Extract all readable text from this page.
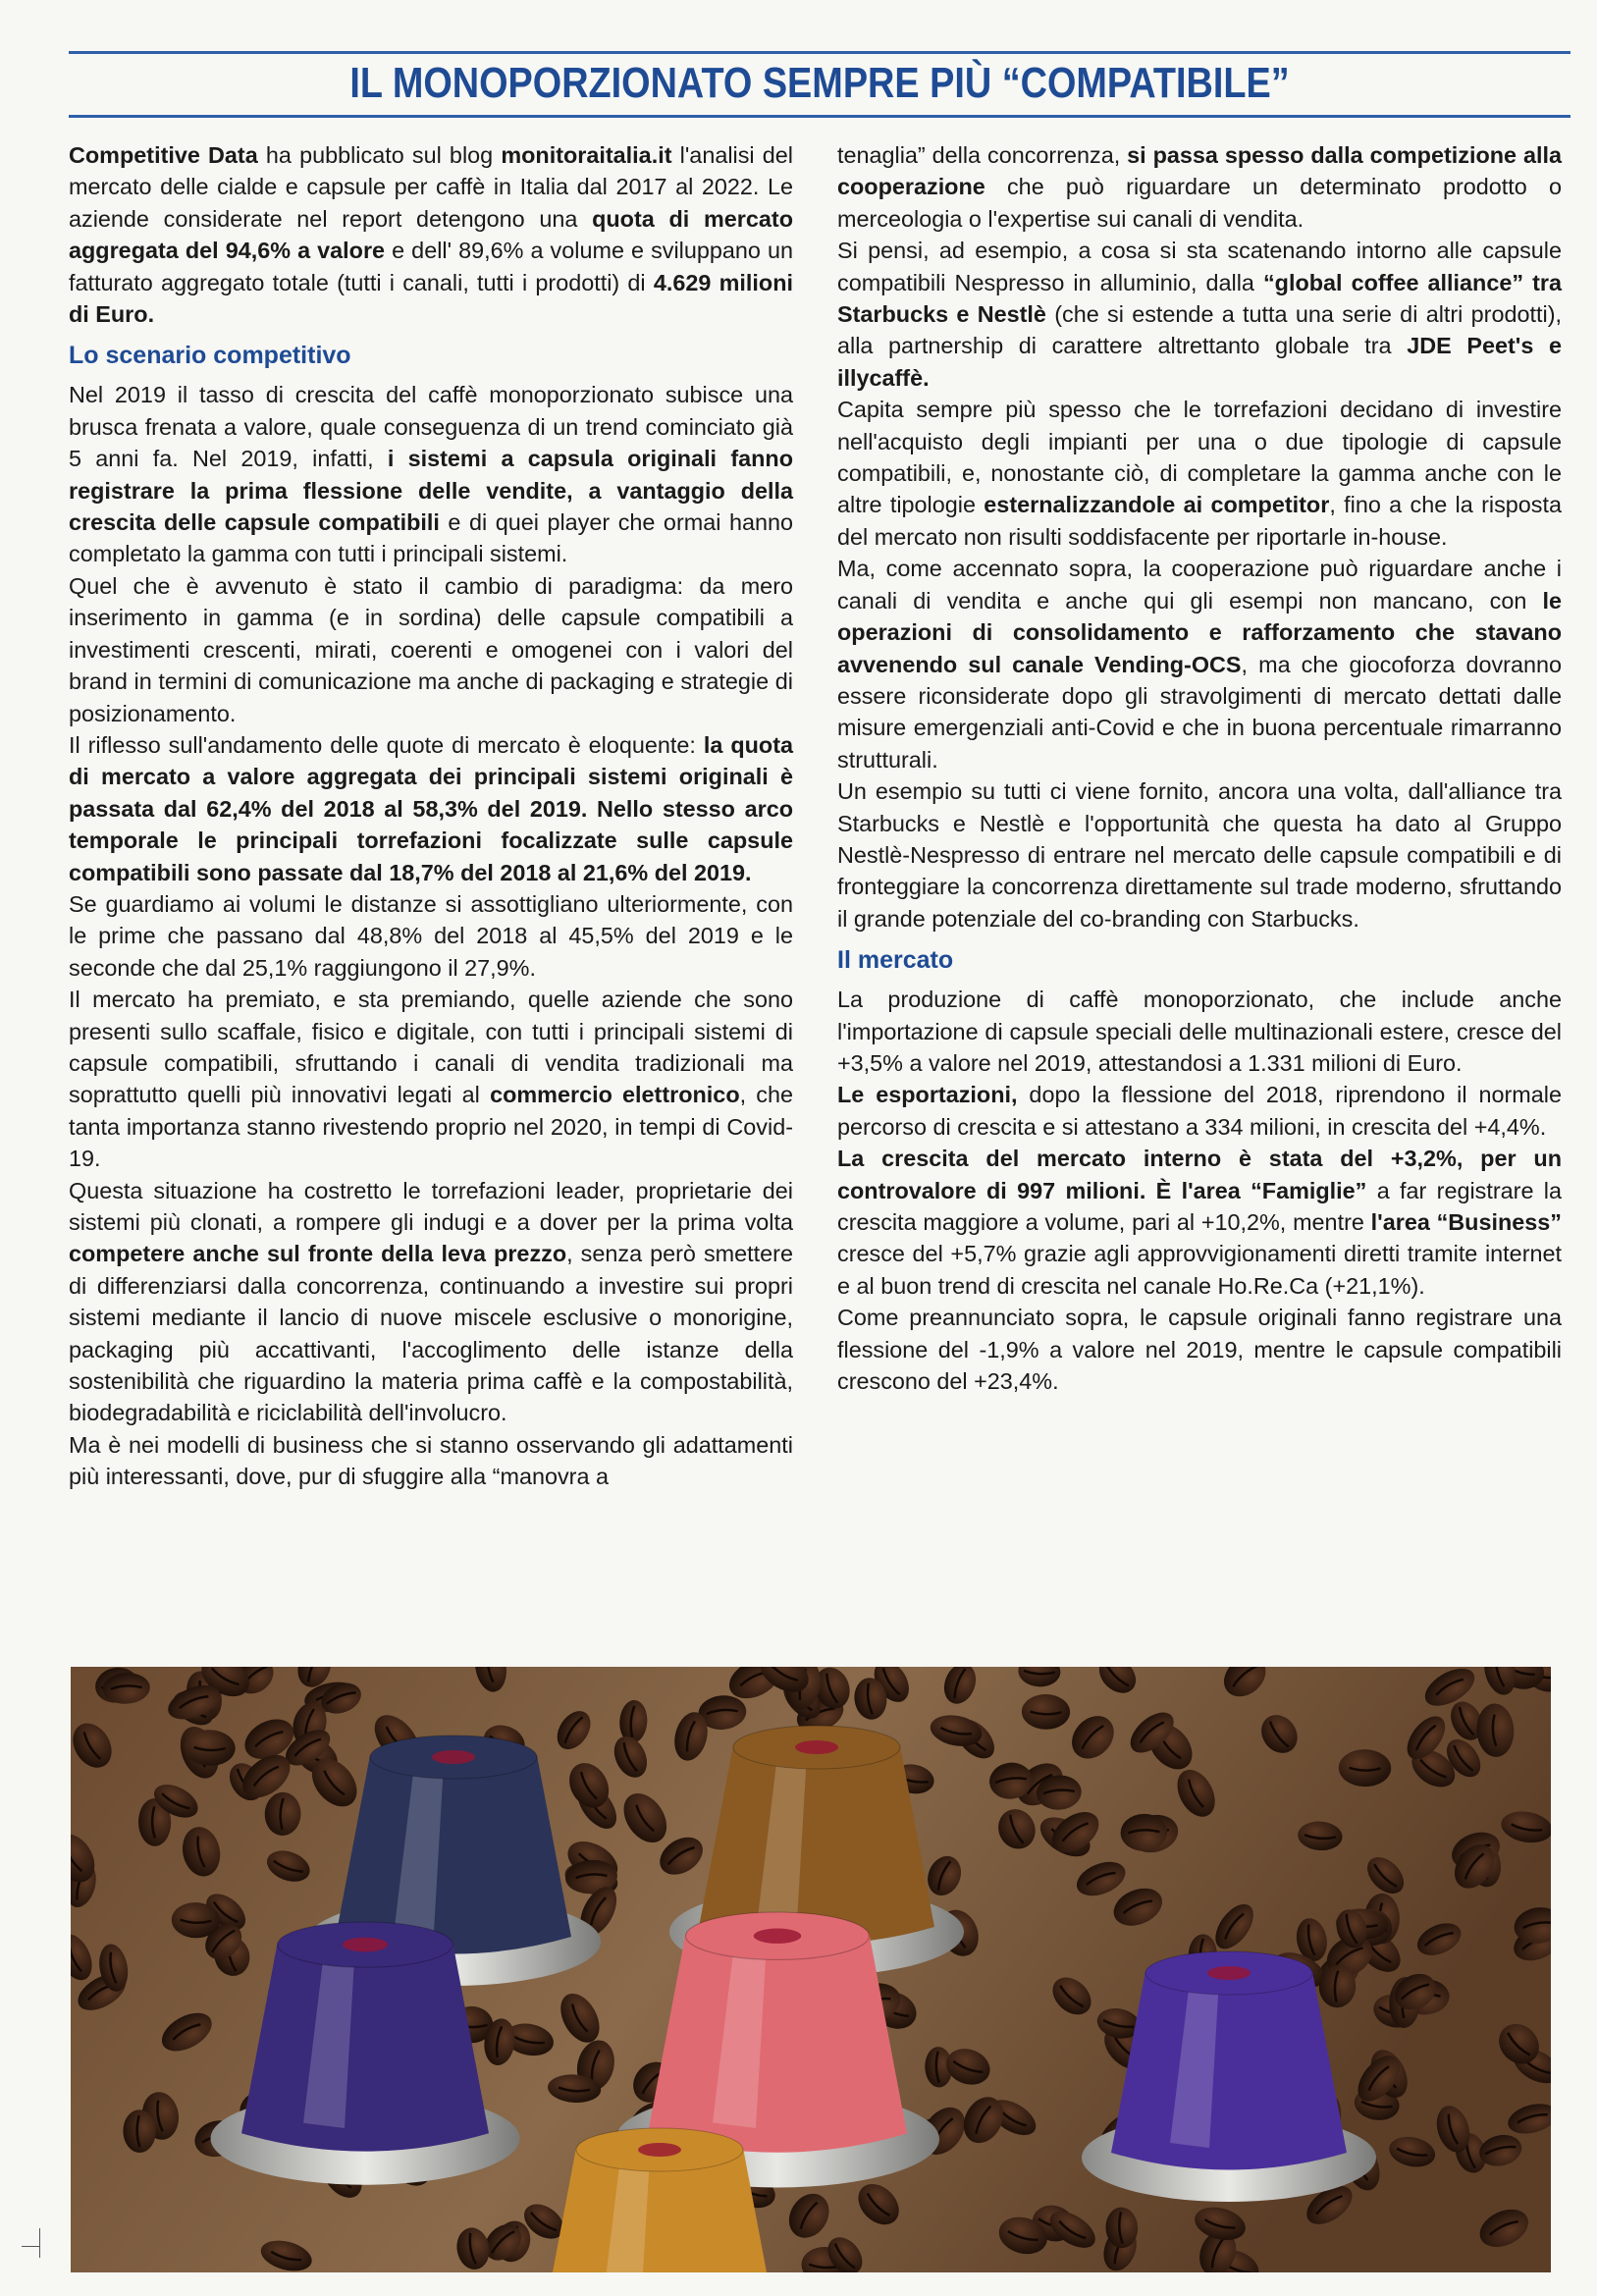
IL MONOPORZIONATO SEMPRE PIÙ “COMPATIBILE”

Competitive Data ha pubblicato sul blog monitoraitalia.it l'analisi del mercato delle cialde e capsule per caffè in Italia dal 2017 al 2022. Le aziende considerate nel report detengono una quota di mercato aggregata del 94,6% a valore e dell' 89,6% a volume e sviluppano un fatturato aggregato totale (tutti i canali, tutti i prodotti) di 4.629 milioni di Euro.

Lo scenario competitivo

Nel 2019 il tasso di crescita del caffè monoporzionato subisce una brusca frenata a valore, quale conseguenza di un trend cominciato già 5 anni fa. Nel 2019, infatti, i sistemi a capsula originali fanno registrare la prima flessione delle vendite, a vantaggio della crescita delle capsule compatibili e di quei player che ormai hanno completato la gamma con tutti i principali sistemi.

Quel che è avvenuto è stato il cambio di paradigma: da mero inserimento in gamma (e in sordina) delle capsule compatibili a investimenti crescenti, mirati, coerenti e omogenei con i valori del brand in termini di comunicazione ma anche di packaging e strategie di posizionamento.

Il riflesso sull'andamento delle quote di mercato è eloquente: la quota di mercato a valore aggregata dei principali sistemi originali è passata dal 62,4% del 2018 al 58,3% del 2019. Nello stesso arco temporale le principali torrefazioni focalizzate sulle capsule compatibili sono passate dal 18,7% del 2018 al 21,6% del 2019.

Se guardiamo ai volumi le distanze si assottigliano ulteriormente, con le prime che passano dal 48,8% del 2018 al 45,5% del 2019 e le seconde che dal 25,1% raggiungono il 27,9%.

Il mercato ha premiato, e sta premiando, quelle aziende che sono presenti sullo scaffale, fisico e digitale, con tutti i principali sistemi di capsule compatibili, sfruttando i canali di vendita tradizionali ma soprattutto quelli più innovativi legati al commercio elettronico, che tanta importanza stanno rivestendo proprio nel 2020, in tempi di Covid-19.

Questa situazione ha costretto le torrefazioni leader, proprietarie dei sistemi più clonati, a rompere gli indugi e a dover per la prima volta competere anche sul fronte della leva prezzo, senza però smettere di differenziarsi dalla concorrenza, continuando a investire sui propri sistemi mediante il lancio di nuove miscele esclusive o monorigine, packaging più accattivanti, l'accoglimento delle istanze della sostenibilità che riguardino la materia prima caffè e la compostabilità, biodegradabilità e riciclabilità dell'involucro.

Ma è nei modelli di business che si stanno osservando gli adattamenti più interessanti, dove, pur di sfuggire alla “manovra a

tenaglia” della concorrenza, si passa spesso dalla competizione alla cooperazione che può riguardare un determinato prodotto o merceologia o l'expertise sui canali di vendita.

Si pensi, ad esempio, a cosa si sta scatenando intorno alle capsule compatibili Nespresso in alluminio, dalla “global coffee alliance” tra Starbucks e Nestlè (che si estende a tutta una serie di altri prodotti), alla partnership di carattere altrettanto globale tra JDE Peet's e illycaffè.

Capita sempre più spesso che le torrefazioni decidano di investire nell'acquisto degli impianti per una o due tipologie di capsule compatibili, e, nonostante ciò, di completare la gamma anche con le altre tipologie esternalizzandole ai competitor, fino a che la risposta del mercato non risulti soddisfacente per riportarle in-house.

Ma, come accennato sopra, la cooperazione può riguardare anche i canali di vendita e anche qui gli esempi non mancano, con le operazioni di consolidamento e rafforzamento che stavano avvenendo sul canale Vending-OCS, ma che giocoforza dovranno essere riconsiderate dopo gli stravolgimenti di mercato dettati dalle misure emergenziali anti-Covid e che in buona percentuale rimarranno strutturali.

Un esempio su tutti ci viene fornito, ancora una volta, dall'alliance tra Starbucks e Nestlè e l'opportunità che questa ha dato al Gruppo Nestlè-Nespresso di entrare nel mercato delle capsule compatibili e di fronteggiare la concorrenza direttamente sul trade moderno, sfruttando il grande potenziale del co-branding con Starbucks.

Il mercato

La produzione di caffè monoporzionato, che include anche l'importazione di capsule speciali delle multinazionali estere, cresce del +3,5% a valore nel 2019, attestandosi a 1.331 milioni di Euro.

Le esportazioni, dopo la flessione del 2018, riprendono il normale percorso di crescita e si attestano a 334 milioni, in crescita del +4,4%.

La crescita del mercato interno è stata del +3,2%, per un controvalore di 997 milioni. È l'area “Famiglie” a far registrare la crescita maggiore a volume, pari al +10,2%, mentre l'area “Business” cresce del +5,7% grazie agli approvvigionamenti diretti tramite internet e al buon trend di crescita nel canale Ho.Re.Ca (+21,1%).

Come preannunciato sopra, le capsule originali fanno registrare una flessione del -1,9% a valore nel 2019, mentre le capsule compatibili crescono del +23,4%.
